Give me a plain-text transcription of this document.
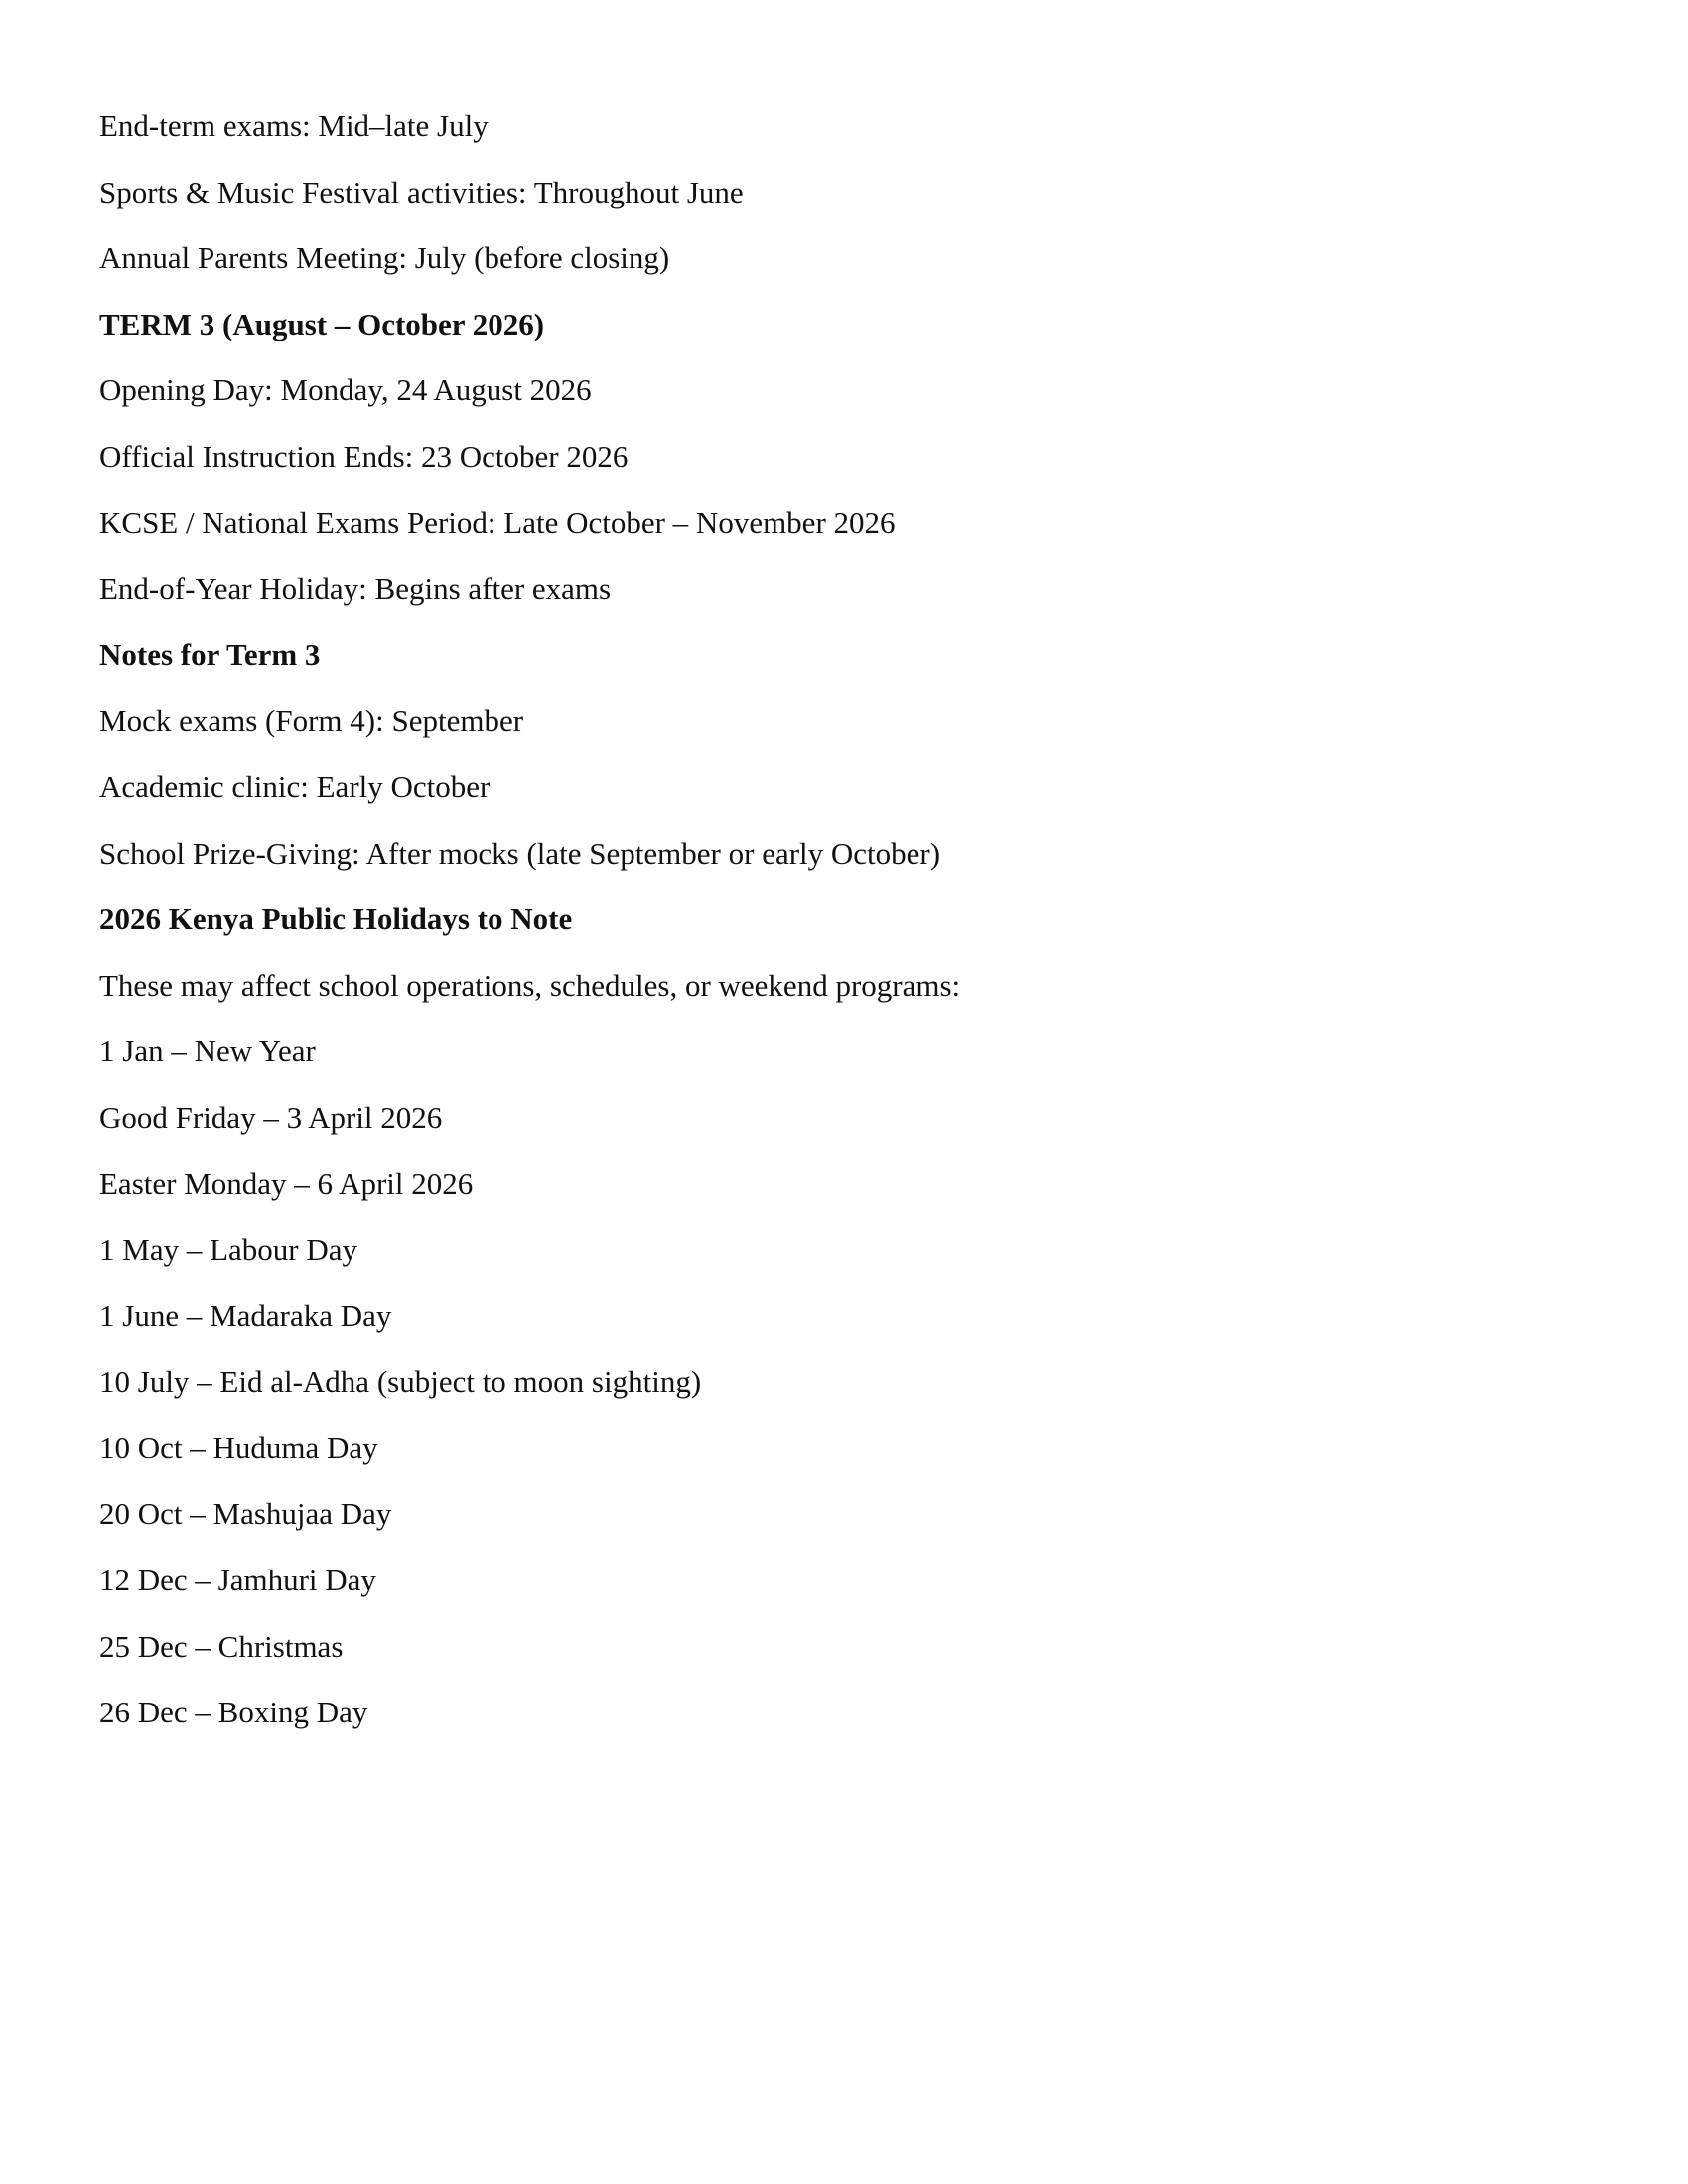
End-term exams: Mid–late July
Sports & Music Festival activities: Throughout June
Annual Parents Meeting: July (before closing)
TERM 3 (August – October 2026)
Opening Day: Monday, 24 August 2026
Official Instruction Ends: 23 October 2026
KCSE / National Exams Period: Late October – November 2026
End-of-Year Holiday: Begins after exams
Notes for Term 3
Mock exams (Form 4): September
Academic clinic: Early October
School Prize-Giving: After mocks (late September or early October)
2026 Kenya Public Holidays to Note
These may affect school operations, schedules, or weekend programs:
1 Jan – New Year
Good Friday – 3 April 2026
Easter Monday – 6 April 2026
1 May – Labour Day
1 June – Madaraka Day
10 July – Eid al-Adha (subject to moon sighting)
10 Oct – Huduma Day
20 Oct – Mashujaa Day
12 Dec – Jamhuri Day
25 Dec – Christmas
26 Dec – Boxing Day
